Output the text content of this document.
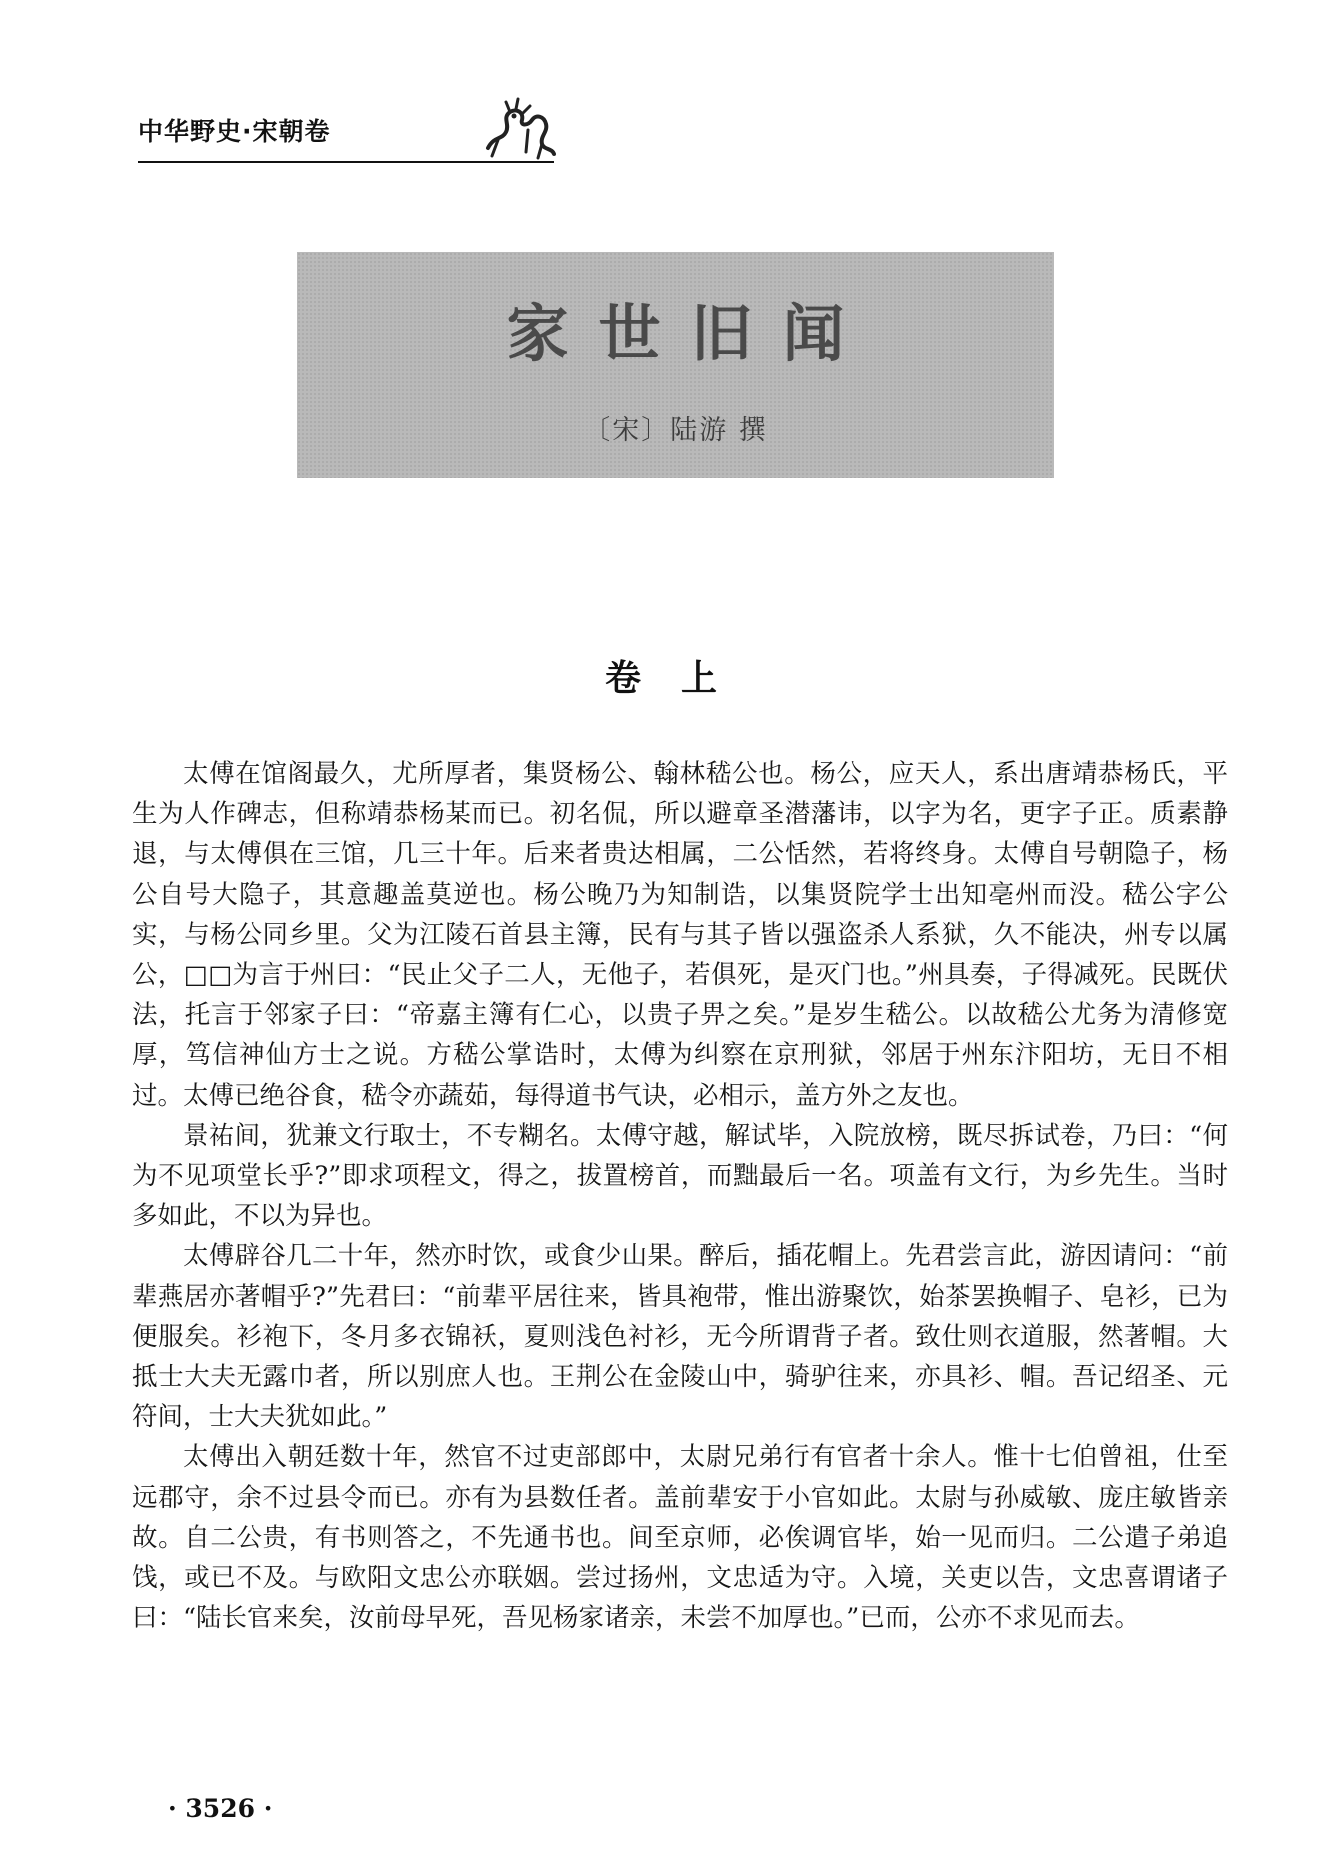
中华野史·宋朝卷
家世旧闻
〔宋〕陆游 撰
卷上

太傅在馆阁最久，尤所厚者，集贤杨公、翰林嵇公也。杨公，应天人，系出唐靖恭杨氏，平生为人作碑志，但称靖恭杨某而已。初名侃，所以避章圣潜藩讳，以字为名，更字子正。质素静退，与太傅俱在三馆，几三十年。后来者贵达相属，二公恬然，若将终身。太傅自号朝隐子，杨公自号大隐子，其意趣盖莫逆也。杨公晚乃为知制诰，以集贤院学士出知亳州而没。嵇公字公实，与杨公同乡里。父为江陵石首县主簿，民有与其子皆以强盗杀人系狱，久不能决，州专以属公，□□为言于州曰：“民止父子二人，无他子，若俱死，是灭门也。”州具奏，子得减死。民既伏法，托言于邻家子曰：“帝嘉主簿有仁心，以贵子畀之矣。”是岁生嵇公。以故嵇公尤务为清修宽厚，笃信神仙方士之说。方嵇公掌诰时，太傅为纠察在京刑狱，邻居于州东汴阳坊，无日不相过。太傅已绝谷食，嵇令亦蔬茹，每得道书气诀，必相示，盖方外之友也。

景祐间，犹兼文行取士，不专糊名。太傅守越，解试毕，入院放榜，既尽拆试卷，乃曰：“何为不见项堂长乎?”即求项程文，得之，拔置榜首，而黜最后一名。项盖有文行，为乡先生。当时多如此，不以为异也。

太傅辟谷几二十年，然亦时饮，或食少山果。醉后，插花帽上。先君尝言此，游因请问：“前辈燕居亦著帽乎?”先君曰：“前辈平居往来，皆具袍带，惟出游聚饮，始茶罢换帽子、皂衫，已为便服矣。衫袍下，冬月多衣锦袄，夏则浅色衬衫，无今所谓背子者。致仕则衣道服，然著帽。大抵士大夫无露巾者，所以别庶人也。王荆公在金陵山中，骑驴往来，亦具衫、帽。吾记绍圣、元符间，士大夫犹如此。”

太傅出入朝廷数十年，然官不过吏部郎中，太尉兄弟行有官者十余人。惟十七伯曾祖，仕至远郡守，余不过县令而已。亦有为县数任者。盖前辈安于小官如此。太尉与孙威敏、庞庄敏皆亲故。自二公贵，有书则答之，不先通书也。间至京师，必俟调官毕，始一见而归。二公遣子弟追饯，或已不及。与欧阳文忠公亦联姻。尝过扬州，文忠适为守。入境，关吏以告，文忠喜谓诸子曰：“陆长官来矣，汝前母早死，吾见杨家诸亲，未尝不加厚也。”已而，公亦不求见而去。

· 3526 ·
